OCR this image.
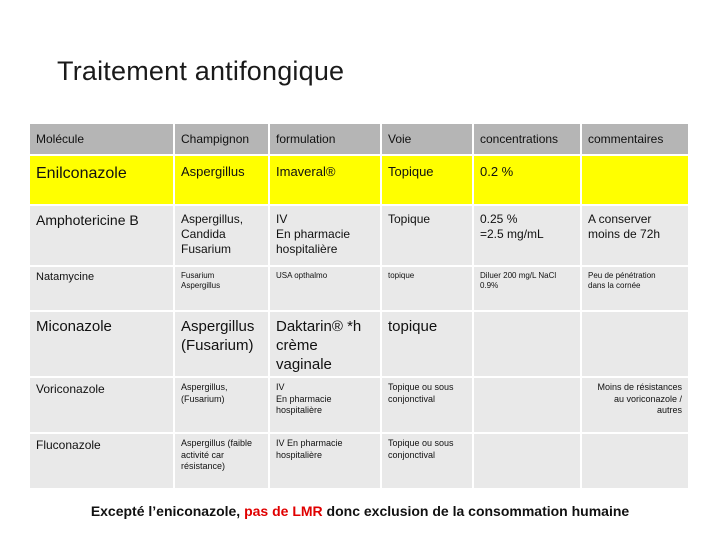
Traitement antifongique
Molécule	Champignon	formulation	Voie	concentrations	commentaires
Enilconazole	Aspergillus	Imaveral®	Topique	0.2 %	

Amphotericine B	Aspergillus,
Candida
Fusarium	IV
En pharmacie
hospitalière	Topique	0.25 %
=2.5 mg/mL	A conserver
moins de 72h

Natamycine	Fusarium
Aspergillus	USA opthalmo	topique	Diluer 200 mg/L NaCl
0.9%	Peu de pénétration
dans la cornée

Miconazole	Aspergillus
(Fusarium)	Daktarin® *h
crème
vaginale	topique		

Voriconazole	Aspergillus,
(Fusarium)	IV
En pharmacie
hospitalière	Topique ou sous
conjonctival		Moins de résistances
au voriconazole /
autres

Fluconazole	Aspergillus (faible
activité car
résistance)	IV En pharmacie
hospitalière	Topique ou sous
conjonctival		

Excepté l’eniconazole, pas de LMR donc exclusion de la consommation humaine
